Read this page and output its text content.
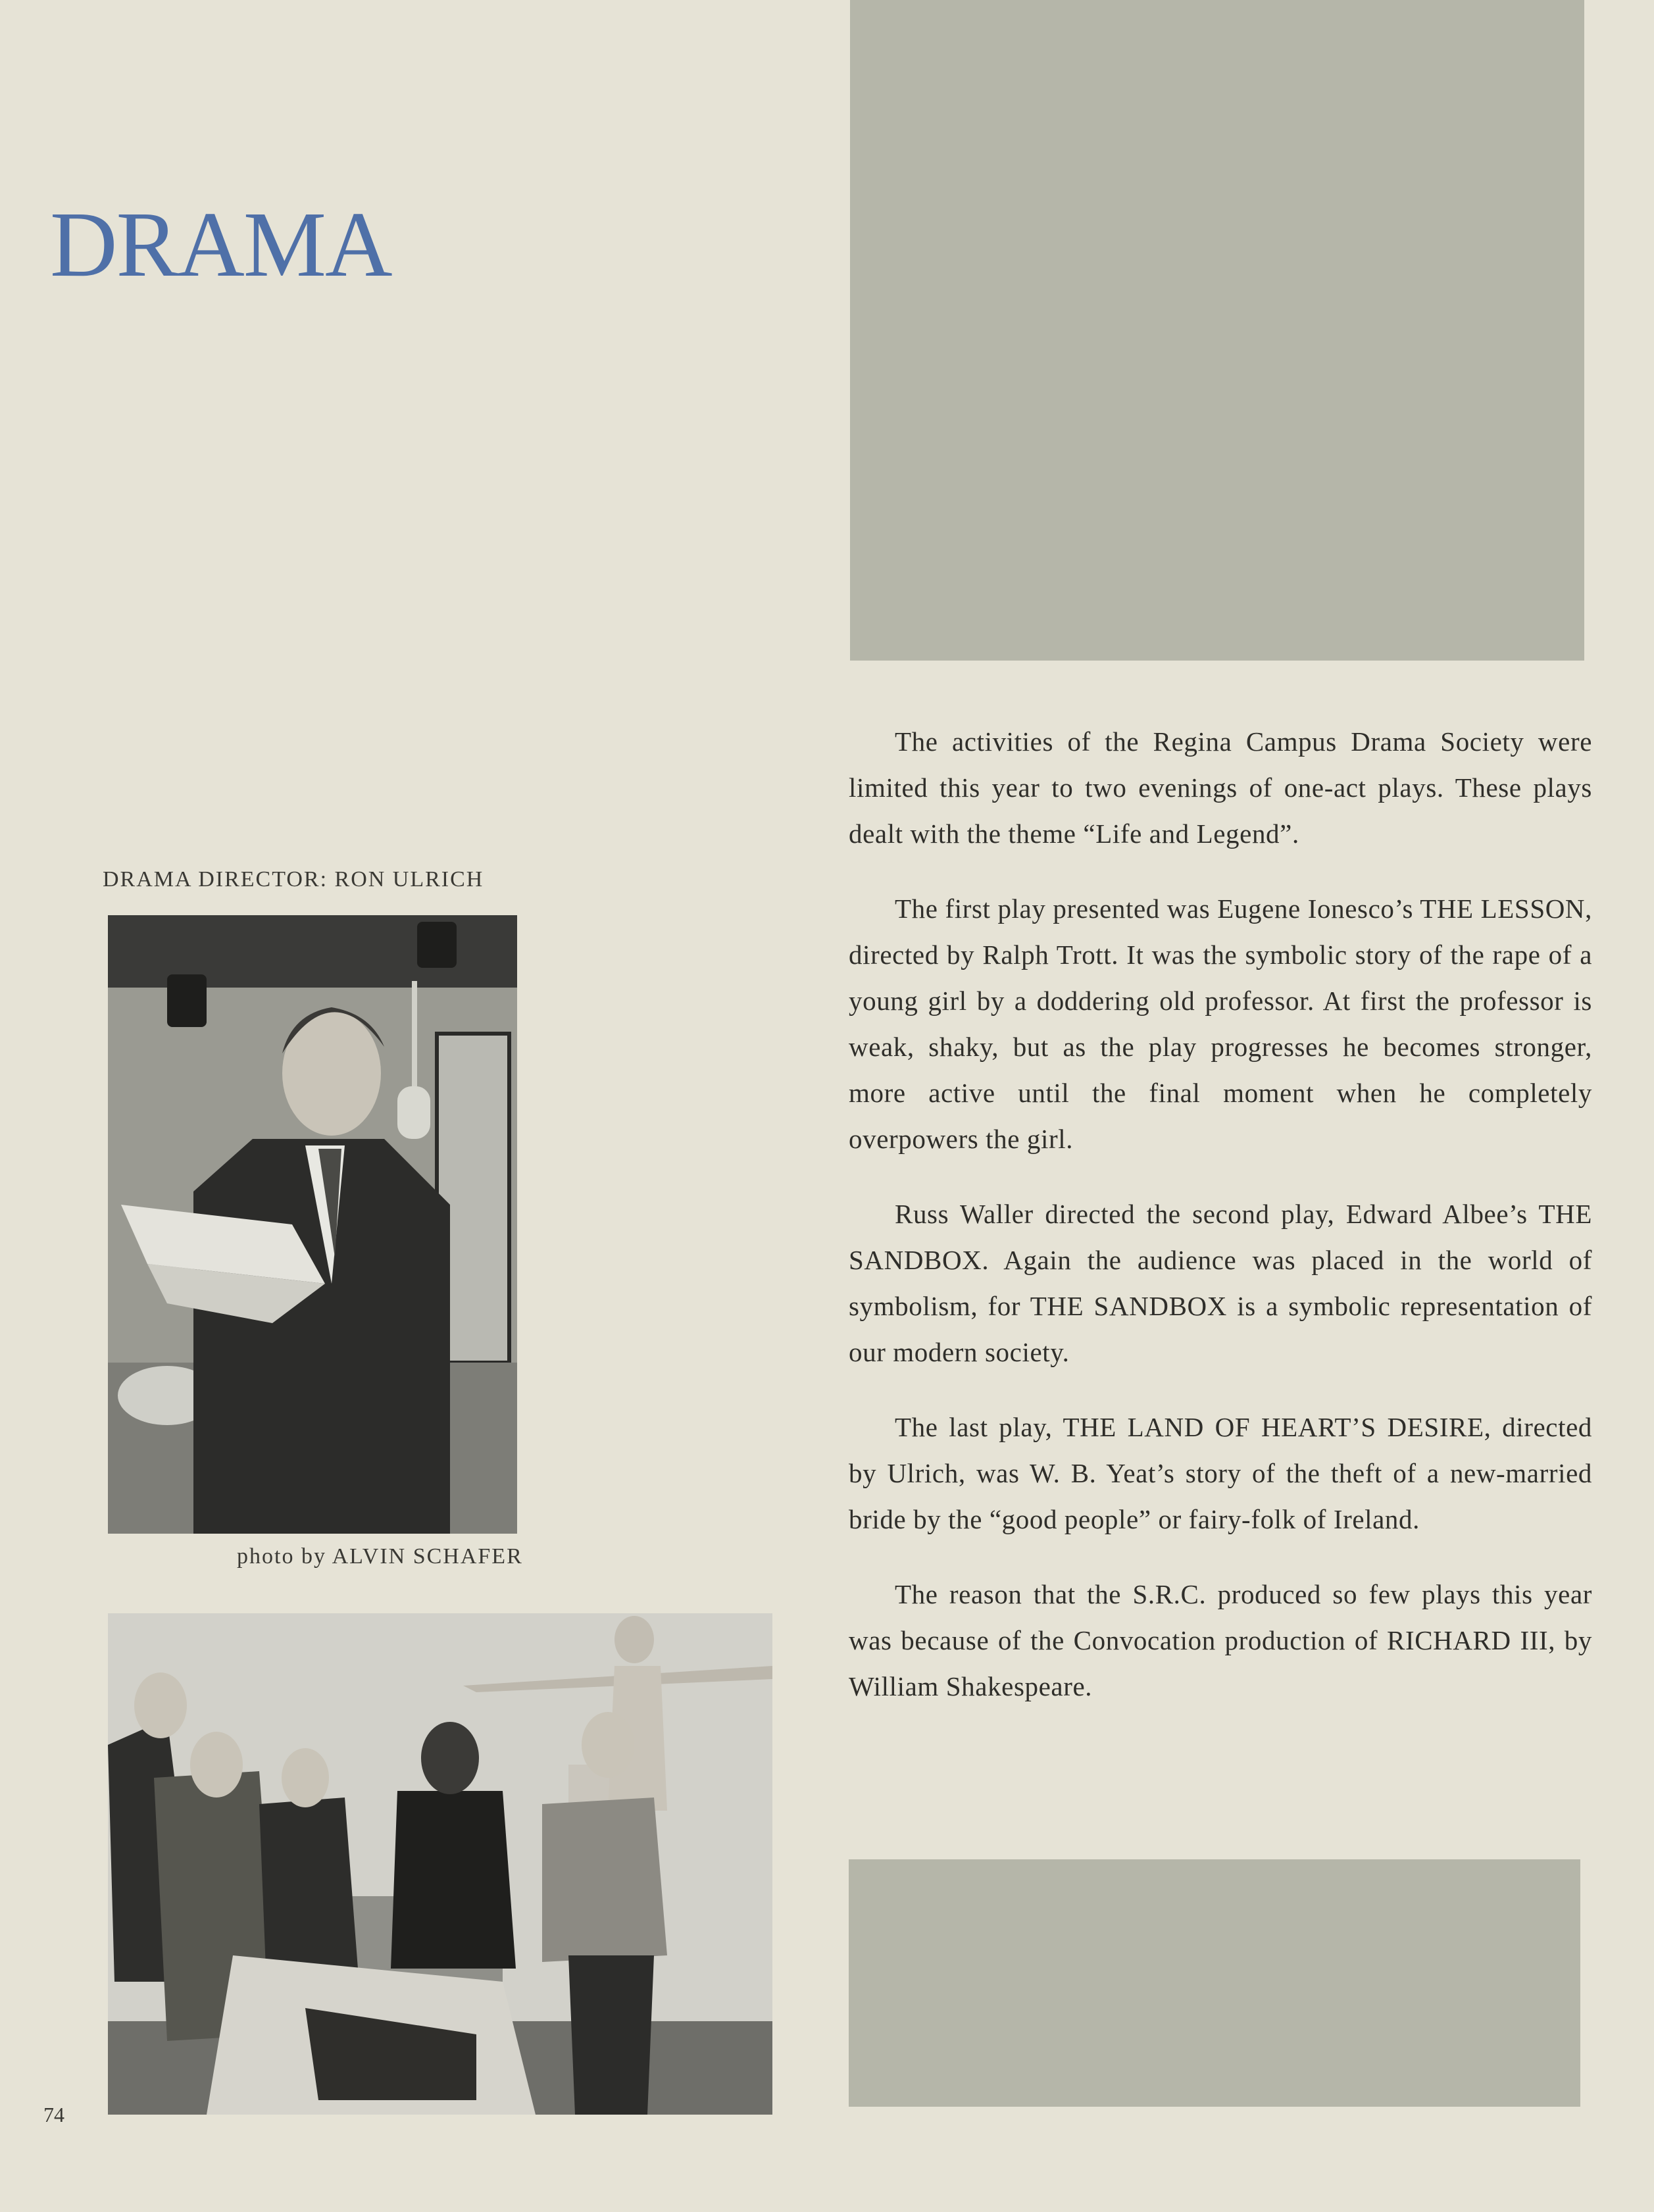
DRAMA
DRAMA DIRECTOR: RON ULRICH
photo by ALVIN SCHAFER

The activities of the Regina Campus Drama Society were limited this year to two evenings of one-act plays. These plays dealt with the theme “Life and Legend”.

The first play presented was Eugene Ionesco’s THE LESSON, directed by Ralph Trott. It was the symbolic story of the rape of a young girl by a doddering old professor. At first the professor is weak, shaky, but as the play progresses he becomes stronger, more active until the final moment when he completely overpowers the girl.

Russ Waller directed the second play, Edward Albee’s THE SANDBOX. Again the audience was placed in the world of symbolism, for THE SANDBOX is a symbolic representation of our modern society.

The last play, THE LAND OF HEART’S DESIRE, directed by Ulrich, was W. B. Yeat’s story of the theft of a new-married bride by the “good people” or fairy-folk of Ireland.

The reason that the S.R.C. produced so few plays this year was because of the Convocation production of RICHARD III, by William Shakespeare.

74
